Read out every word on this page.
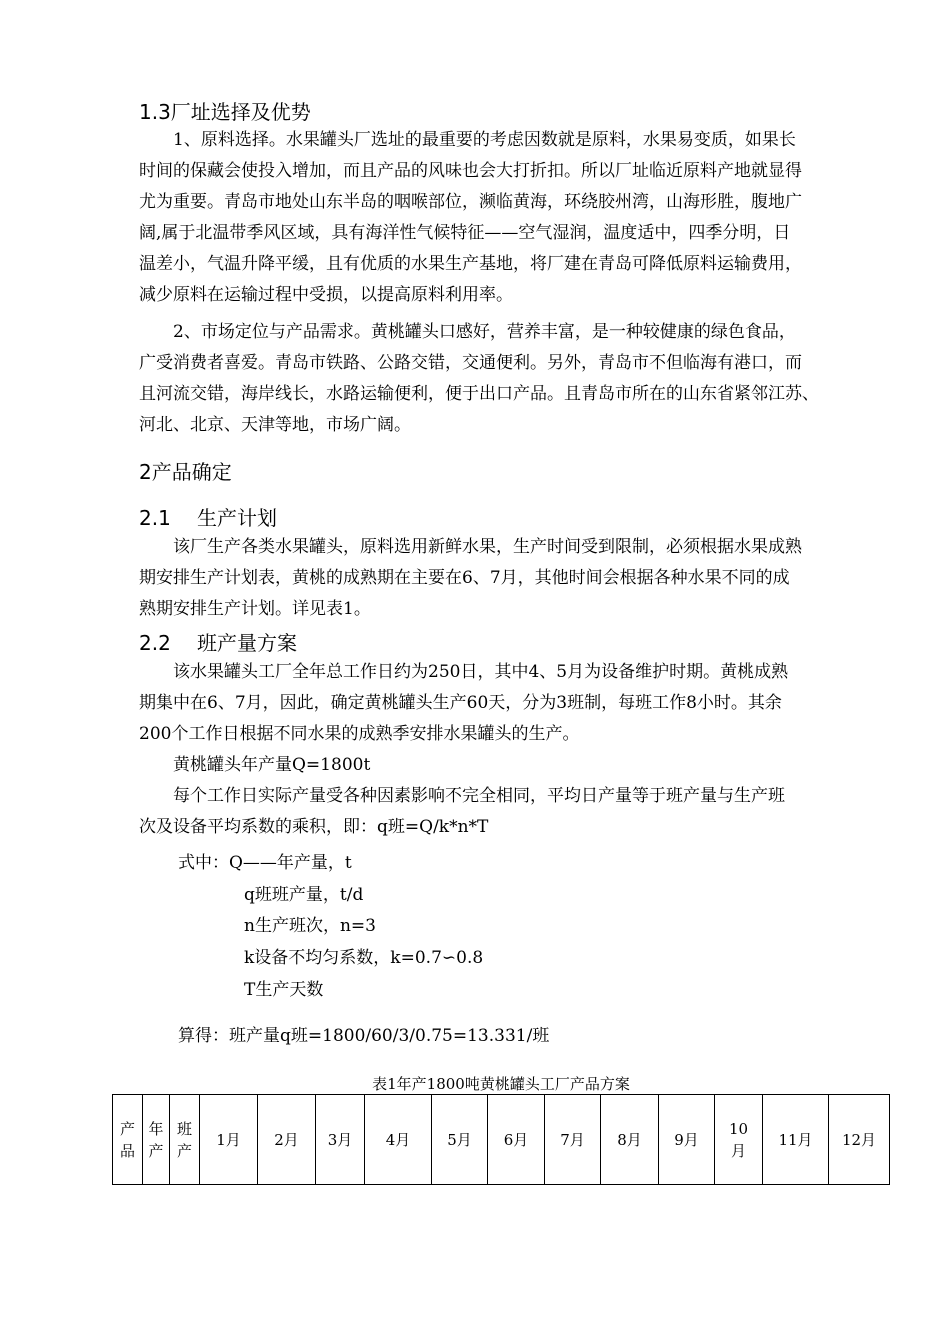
1.3厂址选择及优势
1、原料选择。水果罐头厂选址的最重要的考虑因数就是原料，水果易变质，如果长
时间的保藏会使投入增加，而且产品的风味也会大打折扣。所以厂址临近原料产地就显得
尤为重要。青岛市地处山东半岛的咽喉部位，濒临黄海，环绕胶州湾，山海形胜，腹地广
阔,属于北温带季风区域，具有海洋性气候特征——空气湿润，温度适中，四季分明，日
温差小，气温升降平缓，且有优质的水果生产基地，将厂建在青岛可降低原料运输费用，
减少原料在运输过程中受损，以提高原料利用率。
2、市场定位与产品需求。黄桃罐头口感好，营养丰富，是一种较健康的绿色食品，
广受消费者喜爱。青岛市铁路、公路交错，交通便利。另外，青岛市不但临海有港口，而
且河流交错，海岸线长，水路运输便利，便于出口产品。且青岛市所在的山东省紧邻江苏、
河北、北京、天津等地，市场广阔。
2产品确定
2.1 生产计划
该厂生产各类水果罐头，原料选用新鲜水果，生产时间受到限制，必须根据水果成熟
期安排生产计划表，黄桃的成熟期在主要在6、7月，其他时间会根据各种水果不同的成
熟期安排生产计划。详见表1。
2.2 班产量方案
该水果罐头工厂全年总工作日约为250日，其中4、5月为设备维护时期。黄桃成熟
期集中在6、7月，因此，确定黄桃罐头生产60天，分为3班制，每班工作8小时。其余
200个工作日根据不同水果的成熟季安排水果罐头的生产。
黄桃罐头年产量Q=1800t
每个工作日实际产量受各种因素影响不完全相同，平均日产量等于班产量与生产班
次及设备平均系数的乘积，即：q班=Q/k*n*T
式中：Q——年产量，t
q班班产量，t/d
n生产班次，n=3
k设备不均匀系数，k=0.7∽0.8
T生产天数
算得：班产量q班=1800/60/3/0.75=13.331/班
表1年产1800吨黄桃罐头工厂产品方案
产品	年产	班产	1月	2月	3月	4月	5月	6月	7月	8月	9月	10月	11月	12月
